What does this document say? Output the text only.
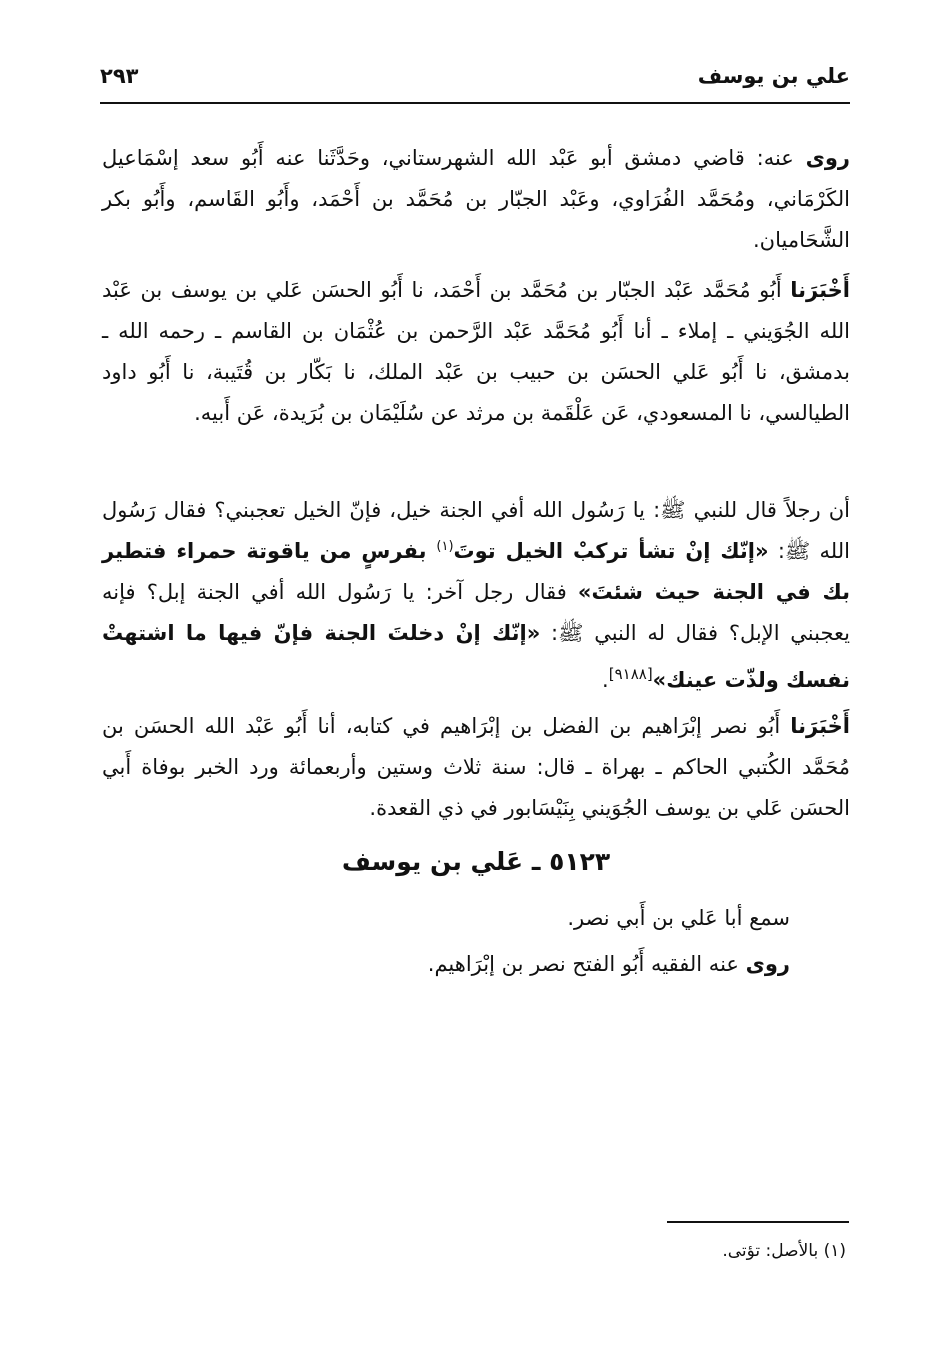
علي بن يوسف
٢٩٣

روى عنه: قاضي دمشق أبو عَبْد الله الشهرستاني، وحَدَّثَنا عنه أَبُو سعد إسْمَاعيل الكَرْمَاني، ومُحَمَّد الفُرَاوي، وعَبْد الجبّار بن مُحَمَّد بن أَحْمَد، وأَبُو القَاسم، وأَبُو بكر الشَّحَاميان.

أَخْبَرَنا أَبُو مُحَمَّد عَبْد الجبّار بن مُحَمَّد بن أَحْمَد، نا أَبُو الحسَن عَلي بن يوسف بن عَبْد الله الجُوَيني ـ إملاء ـ أنا أَبُو مُحَمَّد عَبْد الرَّحمن بن عُثْمَان بن القاسم ـ رحمه الله ـ بدمشق، نا أَبُو عَلي الحسَن بن حبيب بن عَبْد الملك، نا بَكّار بن قُتَيبة، نا أَبُو داود الطيالسي، نا المسعودي، عَن عَلْقَمة بن مرثد عن سُلَيْمَان بن بُرَيدة، عَن أَبيه.

أن رجلاً قال للنبي ﷺ: يا رَسُول الله أفي الجنة خيل، فإنّ الخيل تعجبني؟ فقال رَسُول الله ﷺ: «إنّك إنْ تشأ تركبْ الخيل توتَ$^{(١)}$ بفرسٍ من ياقوتة حمراء فتطير بك في الجنة حيث شئتَ» فقال رجل آخر: يا رَسُول الله أفي الجنة إبل؟ فإنه يعجبني الإبل؟ فقال له النبي ﷺ: «إنّك إنْ دخلتَ الجنة فإنّ فيها ما اشتهتْ نفسك ولذّت عينك»[٩١٨٨].

أَخْبَرَنا أَبُو نصر إبْرَاهيم بن الفضل بن إبْرَاهيم في كتابه، أنا أَبُو عَبْد الله الحسَن بن مُحَمَّد الكُتبي الحاكم ـ بهراة ـ قال: سنة ثلاث وستين وأربعمائة ورد الخبر بوفاة أَبي الحسَن عَلي بن يوسف الجُوَيني بِنَيْسَابور في ذي القعدة.

٥١٢٣ ـ عَلي بن يوسف
سمع أبا عَلي بن أَبي نصر.
روى عنه الفقيه أَبُو الفتح نصر بن إبْرَاهيم.
(١) بالأصل: تؤتى.
